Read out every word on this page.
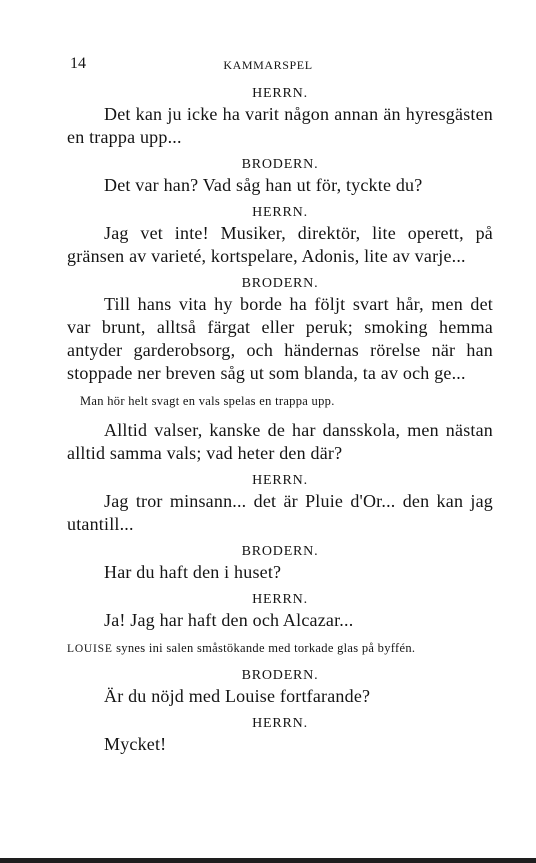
14	KAMMARSPEL

HERRN.

Det kan ju icke ha varit någon annan än hyresgästen en trappa upp...

BRODERN.

Det var han? Vad såg han ut för, tyckte du?

HERRN.

Jag vet inte! Musiker, direktör, lite operett, på gränsen av varieté, kortspelare, Adonis, lite av varje...

BRODERN.

Till hans vita hy borde ha följt svart hår, men det var brunt, alltså färgat eller peruk; smoking hemma antyder garderobsorg, och händernas rörelse när han stoppade ner breven såg ut som blanda, ta av och ge...

Man hör helt svagt en vals spelas en trappa upp.

Alltid valser, kanske de har dansskola, men nästan alltid samma vals; vad heter den där?

HERRN.

Jag tror minsann... det är Pluie d'Or... den kan jag utantill...

BRODERN.

Har du haft den i huset?

HERRN.

Ja! Jag har haft den och Alcazar...

LOUISE synes ini salen småstökande med torkade glas på byffén.

BRODERN.

Är du nöjd med Louise fortfarande?

HERRN.

Mycket!
